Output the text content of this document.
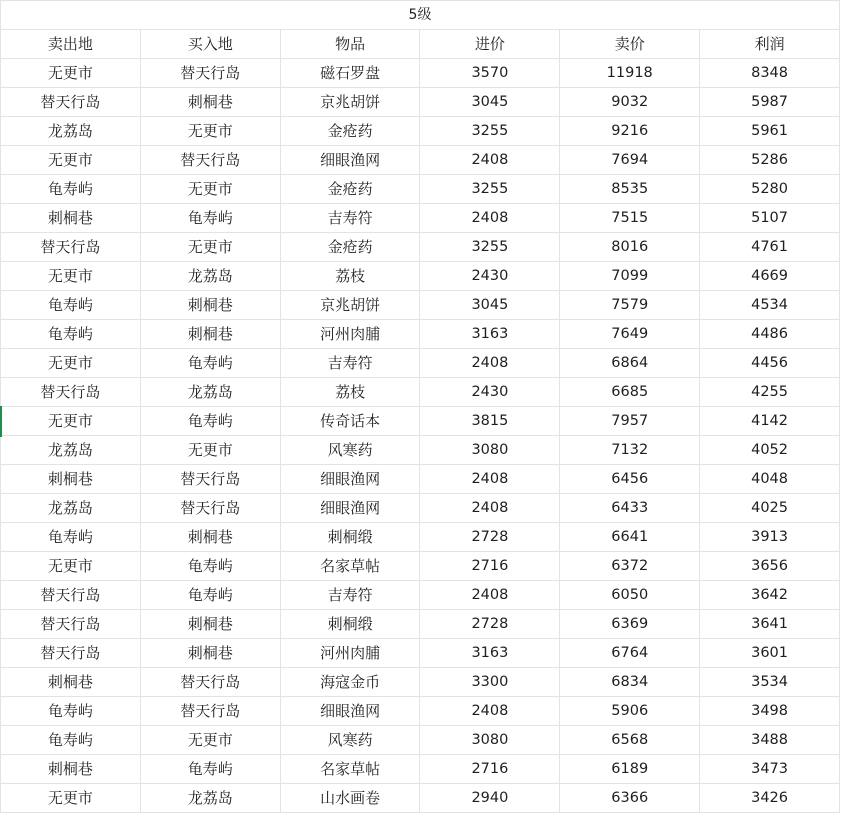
5级					
卖出地	买入地	物品	进价	卖价	利润
无更市	替天行岛	磁石罗盘	3570	11918	8348
替天行岛	刺桐巷	京兆胡饼	3045	9032	5987
龙荔岛	无更市	金疮药	3255	9216	5961
无更市	替天行岛	细眼渔网	2408	7694	5286
龟寿屿	无更市	金疮药	3255	8535	5280
刺桐巷	龟寿屿	吉寿符	2408	7515	5107
替天行岛	无更市	金疮药	3255	8016	4761
无更市	龙荔岛	荔枝	2430	7099	4669
龟寿屿	刺桐巷	京兆胡饼	3045	7579	4534
龟寿屿	刺桐巷	河州肉脯	3163	7649	4486
无更市	龟寿屿	吉寿符	2408	6864	4456
替天行岛	龙荔岛	荔枝	2430	6685	4255
无更市	龟寿屿	传奇话本	3815	7957	4142
龙荔岛	无更市	风寒药	3080	7132	4052
刺桐巷	替天行岛	细眼渔网	2408	6456	4048
龙荔岛	替天行岛	细眼渔网	2408	6433	4025
龟寿屿	刺桐巷	刺桐缎	2728	6641	3913
无更市	龟寿屿	名家草帖	2716	6372	3656
替天行岛	龟寿屿	吉寿符	2408	6050	3642
替天行岛	刺桐巷	刺桐缎	2728	6369	3641
替天行岛	刺桐巷	河州肉脯	3163	6764	3601
刺桐巷	替天行岛	海寇金币	3300	6834	3534
龟寿屿	替天行岛	细眼渔网	2408	5906	3498
龟寿屿	无更市	风寒药	3080	6568	3488
刺桐巷	龟寿屿	名家草帖	2716	6189	3473
无更市	龙荔岛	山水画卷	2940	6366	3426
